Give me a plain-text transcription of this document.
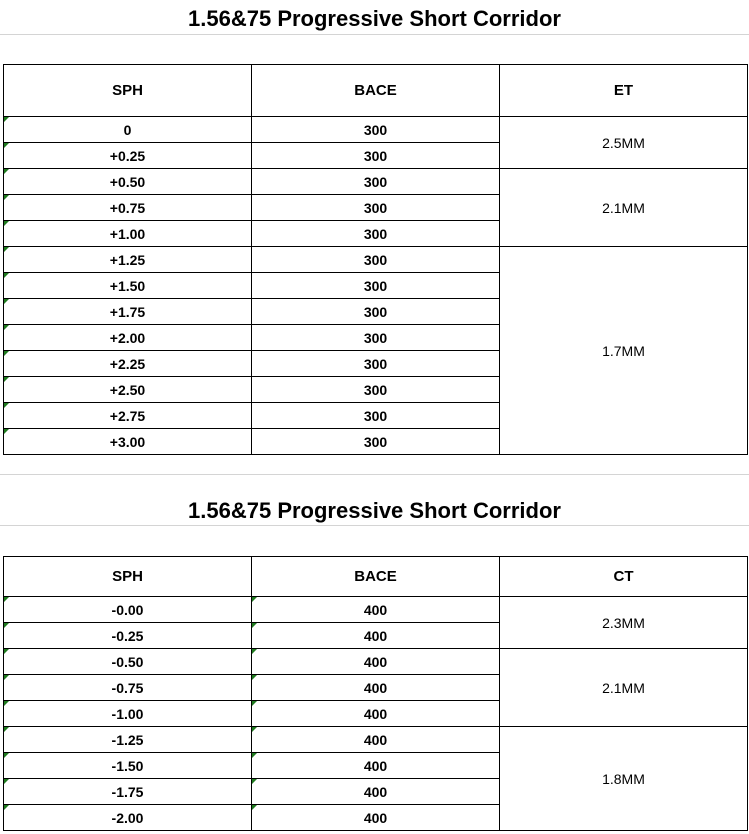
1.56&75 Progressive Short Corridor
SPH	BACE	ET

0	300	2.5MM

+0.25	300	

+0.50	300	2.1MM

+0.75	300	

+1.00	300	

+1.25	300	1.7MM

+1.50	300	

+1.75	300	

+2.00	300	

+2.25	300	

+2.50	300	

+2.75	300	

+3.00	300	
1.56&75 Progressive Short Corridor
SPH	BACE	CT

-0.00	400	2.3MM

-0.25	400	

-0.50	400	2.1MM

-0.75	400	

-1.00	400	

-1.25	400	1.8MM

-1.50	400	

-1.75	400	

-2.00	400	
